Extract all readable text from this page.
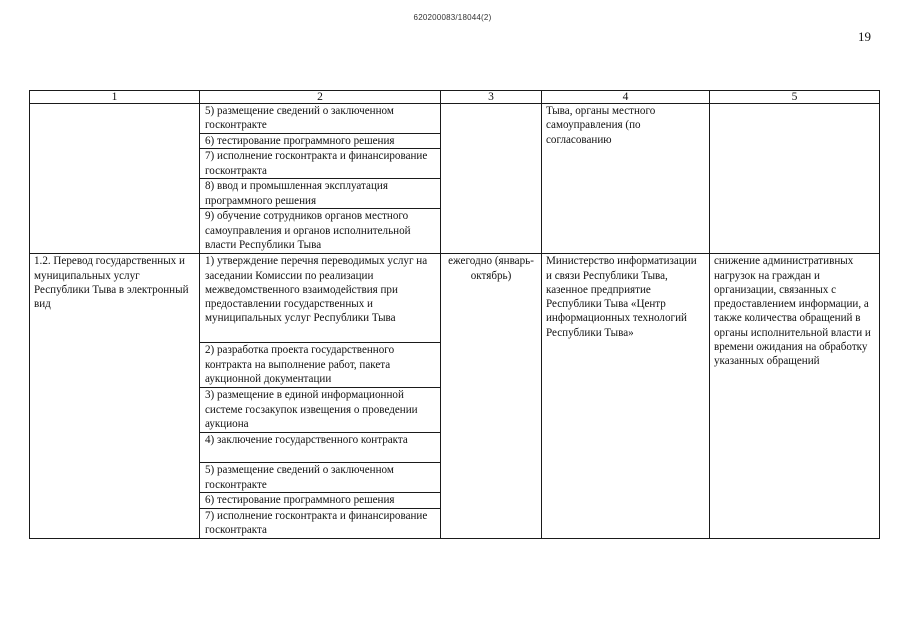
620200083/18044(2)
19
1	2	3	4	5
	5) размещение сведений о заключенном госконтракте		Тыва, органы местного самоуправления (по согласованию	
	6) тестирование программного решения			
	7) исполнение госконтракта и финансирование госконтракта			
	8) ввод и промышленная эксплуатация программного решения			
	9) обучение сотрудников органов местного самоуправления и органов исполнительной власти Республики Тыва			
1.2. Перевод государственных и муниципальных услуг Республики Тыва в электронный вид	1) утверждение перечня переводимых услуг на заседании Комиссии по реализации межведомственного взаимодействия при предоставлении государственных и муниципальных услуг Республики Тыва	ежегодно (январь-октябрь)	Министерство информатизации и связи Республики Тыва, казенное предприятие Республики Тыва «Центр информационных технологий Республики Тыва»	снижение административных нагрузок на граждан и организации, связанных с предоставлением информации, а также количества обращений в органы исполнительной власти и времени ожидания на обработку указанных обращений
	2) разработка проекта государственного контракта на выполнение работ, пакета аукционной документации			
	3) размещение в единой информационной системе госзакупок извещения о проведении аукциона			
	4) заключение государственного контракта			
	5) размещение сведений о заключенном госконтракте			
	6) тестирование программного решения			
	7) исполнение госконтракта и финансирование госконтракта			
